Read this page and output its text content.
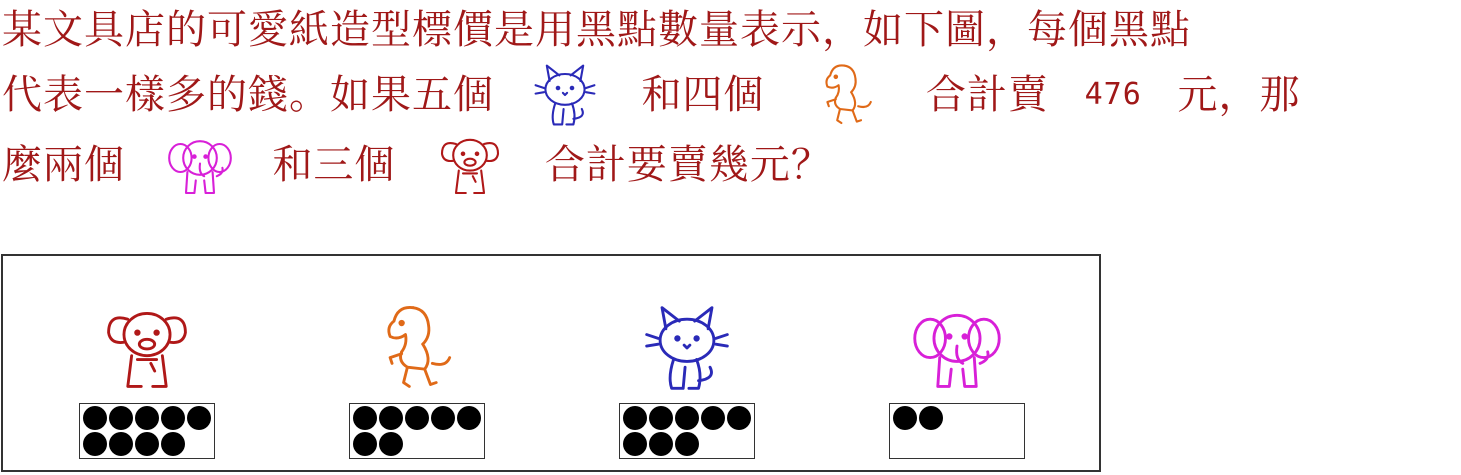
某文具店的可愛紙造型標價是用黑點數量表示，如下圖，每個黑點
代表一樣多的錢。如果五個	和四個	合計賣 476 元，那
麼兩個	和三個	合計要賣幾元？
